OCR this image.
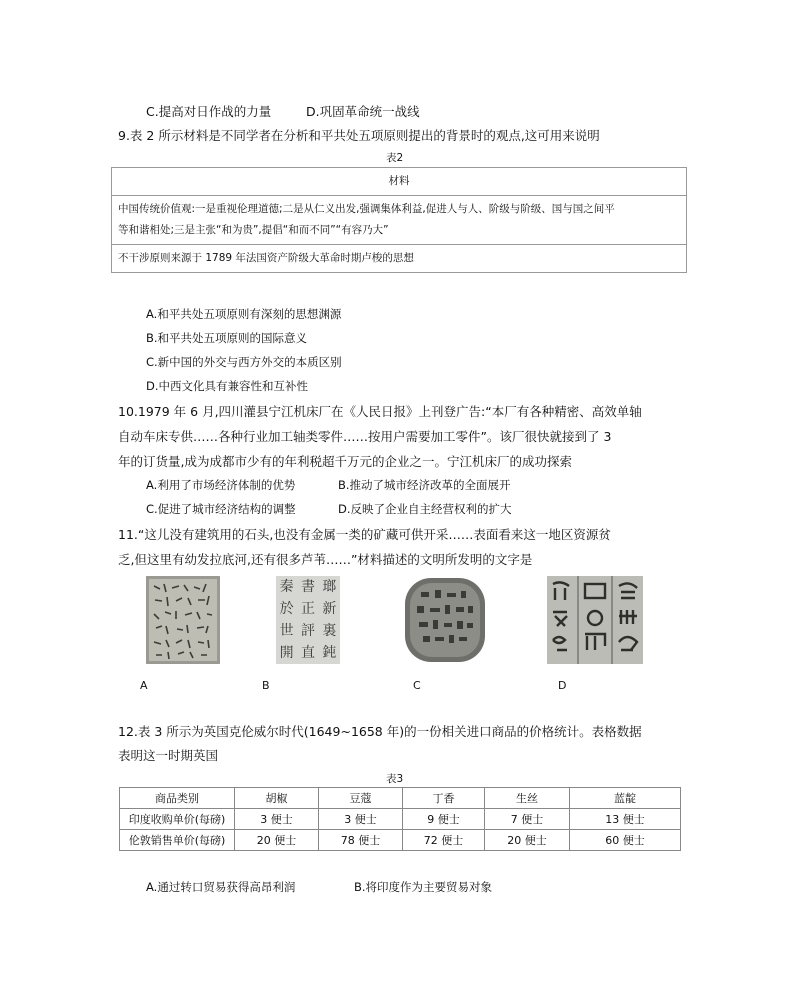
C.提高对日作战的力量	D.巩固革命统一战线
9.表 2 所示材料是不同学者在分析和平共处五项原则提出的背景时的观点,这可用来说明
表2
材料
中国传统价值观:一是重视伦理道德;二是从仁义出发,强调集体利益,促进人与人、阶级与阶级、国与国之间平
等和谐相处;三是主张“和为贵”,提倡“和而不同”“有容乃大”
不干涉原则来源于 1789 年法国资产阶级大革命时期卢梭的思想
A.和平共处五项原则有深刻的思想渊源
B.和平共处五项原则的国际意义
C.新中国的外交与西方外交的本质区别
D.中西文化具有兼容性和互补性
10.1979 年 6 月,四川灌县宁江机床厂在《人民日报》上刊登广告:“本厂有各种精密、高效单轴
自动车床专供……各种行业加工轴类零件……按用户需要加工零件”。该厂很快就接到了 3
年的订货量,成为成都市少有的年利税超千万元的企业之一。宁江机床厂的成功探索
A.利用了市场经济体制的优势	B.推动了城市经济改革的全面展开
C.促进了城市经济结构的调整	D.反映了企业自主经营权利的扩大
11.“这儿没有建筑用的石头,也没有金属一类的矿藏可供开采……表面看来这一地区资源贫
乏,但这里有幼发拉底河,还有很多芦苇……”材料描述的文明所发明的文字是
A
秦 書 瑯
於 正 新
世 評 裏
開 直 鈍
B	C	D
12.表 3 所示为英国克伦威尔时代(1649~1658 年)的一份相关进口商品的价格统计。表格数据
表明这一时期英国
表3
商品类别	胡椒	豆蔻	丁香	生丝	蓝靛
印度收购单价(每磅)	3 便士	3 便士	9 便士	7 便士	13 便士
伦敦销售单价(每磅)	20 便士	78 便士	72 便士	20 便士	60 便士
A.通过转口贸易获得高昂利润	B.将印度作为主要贸易对象
